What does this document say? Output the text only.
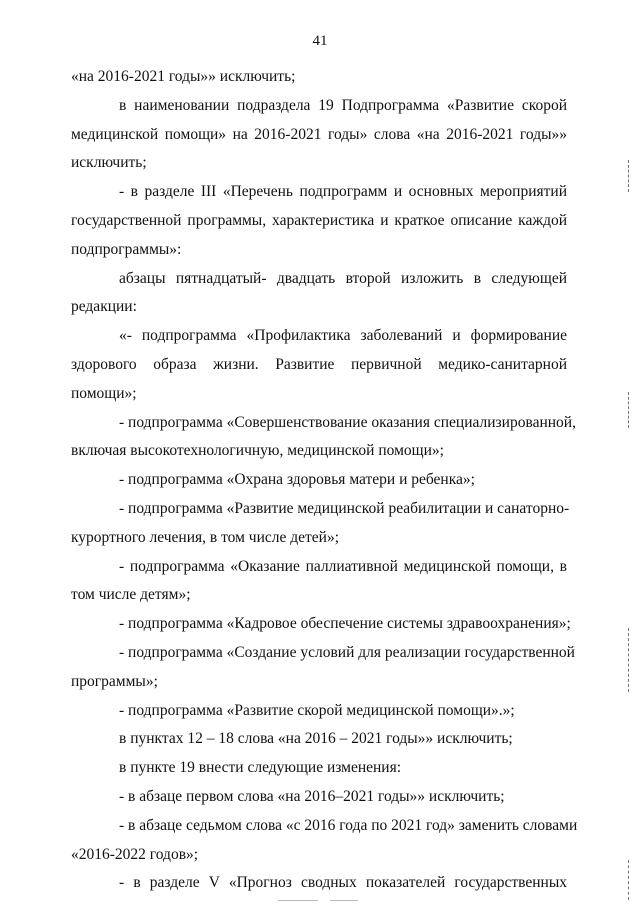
41
«на 2016-2021 годы»» исключить;
в наименовании подраздела 19 Подпрограмма «Развитие скорой
медицинской помощи» на 2016-2021 годы» слова «на 2016-2021 годы»»
исключить;
- в разделе III «Перечень подпрограмм и основных мероприятий
государственной программы, характеристика и краткое описание каждой
подпрограммы»:
абзацы пятнадцатый- двадцать второй изложить в следующей
редакции:
«- подпрограмма «Профилактика заболеваний и формирование
здорового образа жизни. Развитие первичной медико-санитарной
помощи»;
- подпрограмма «Совершенствование оказания специализированной,
включая высокотехнологичную, медицинской помощи»;
- подпрограмма «Охрана здоровья матери и ребенка»;
- подпрограмма «Развитие медицинской реабилитации и санаторно-
курортного лечения, в том числе детей»;
- подпрограмма «Оказание паллиативной медицинской помощи, в
том числе детям»;
- подпрограмма «Кадровое обеспечение системы здравоохранения»;
- подпрограмма «Создание условий для реализации государственной
программы»;
- подпрограмма «Развитие скорой медицинской помощи».»;
в пунктах 12 – 18 слова «на 2016 – 2021 годы»» исключить;
в пункте 19 внести следующие изменения:
- в абзаце первом слова «на 2016–2021 годы»» исключить;
- в абзаце седьмом слова «с 2016 года по 2021 год» заменить словами
«2016-2022 годов»;
- в разделе V «Прогноз сводных показателей государственных
